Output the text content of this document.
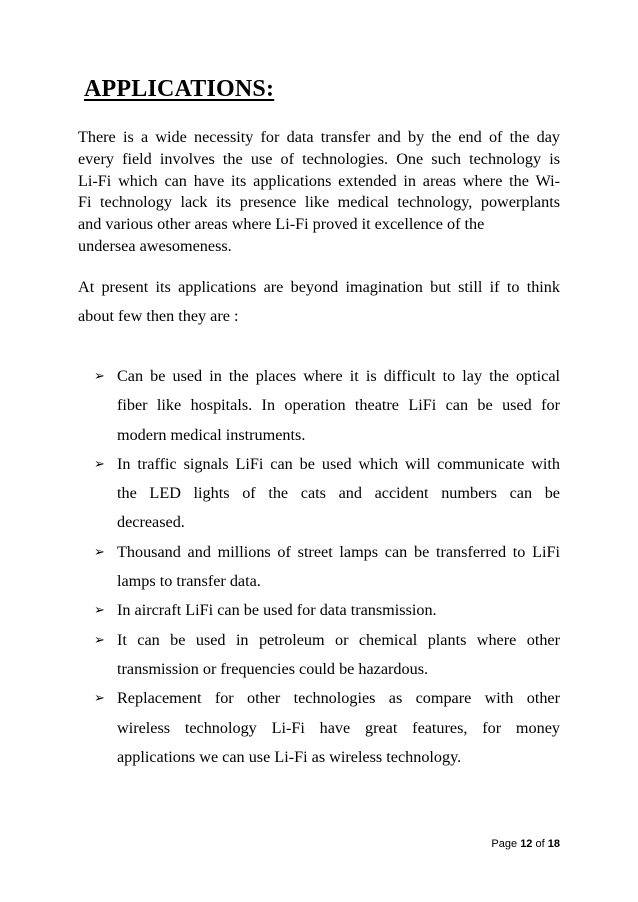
APPLICATIONS:
There is a wide necessity for data transfer and by the end of the day
every field involves the use of technologies. One such technology is
Li-Fi which can have its applications extended in areas where the Wi-
Fi technology lack its presence like medical technology, powerplants
and various other areas where Li-Fi proved it excellence of the
undersea awesomeness.
At present its applications are beyond imagination but still if to think
about few then they are :
➢ Can be used in the places where it is difficult to lay the optical
fiber like hospitals. In operation theatre LiFi can be used for
modern medical instruments.
➢ In traffic signals LiFi can be used which will communicate with
the LED lights of the cats and accident numbers can be
decreased.
➢ Thousand and millions of street lamps can be transferred to LiFi
lamps to transfer data.
➢ In aircraft LiFi can be used for data transmission.
➢ It can be used in petroleum or chemical plants where other
transmission or frequencies could be hazardous.
➢ Replacement for other technologies as compare with other
wireless technology Li-Fi have great features, for money
applications we can use Li-Fi as wireless technology.
Page 12 of 18
